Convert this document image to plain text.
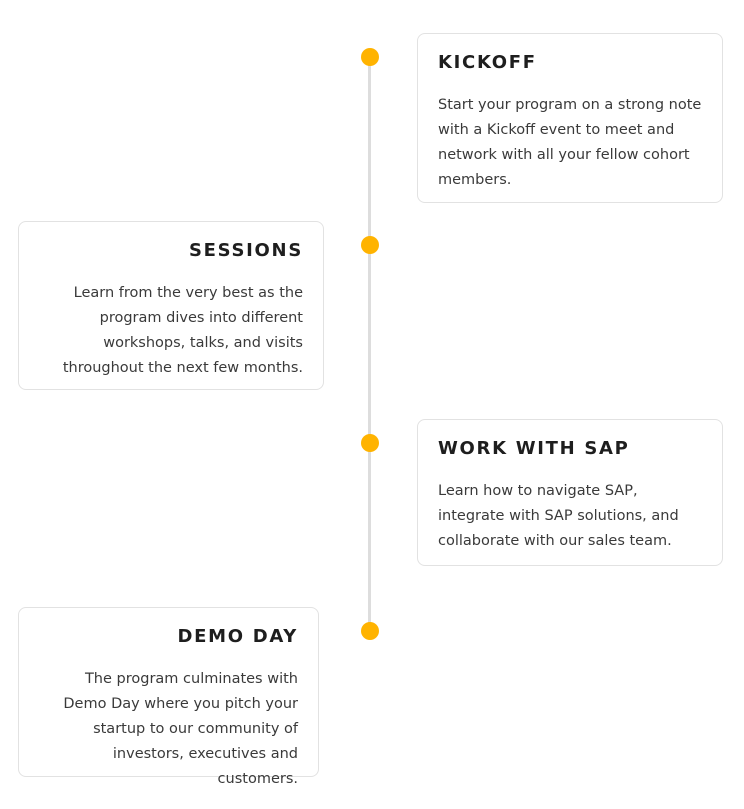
KICKOFF

Start your program on a strong note with a Kickoff event to meet and network with all your fellow cohort members.

SESSIONS

Learn from the very best as the program dives into different workshops, talks, and visits throughout the next few months.

WORK WITH SAP

Learn how to navigate SAP, integrate with SAP solutions, and collaborate with our sales team.

DEMO DAY

The program culminates with Demo Day where you pitch your startup to our community of investors, executives and customers.
